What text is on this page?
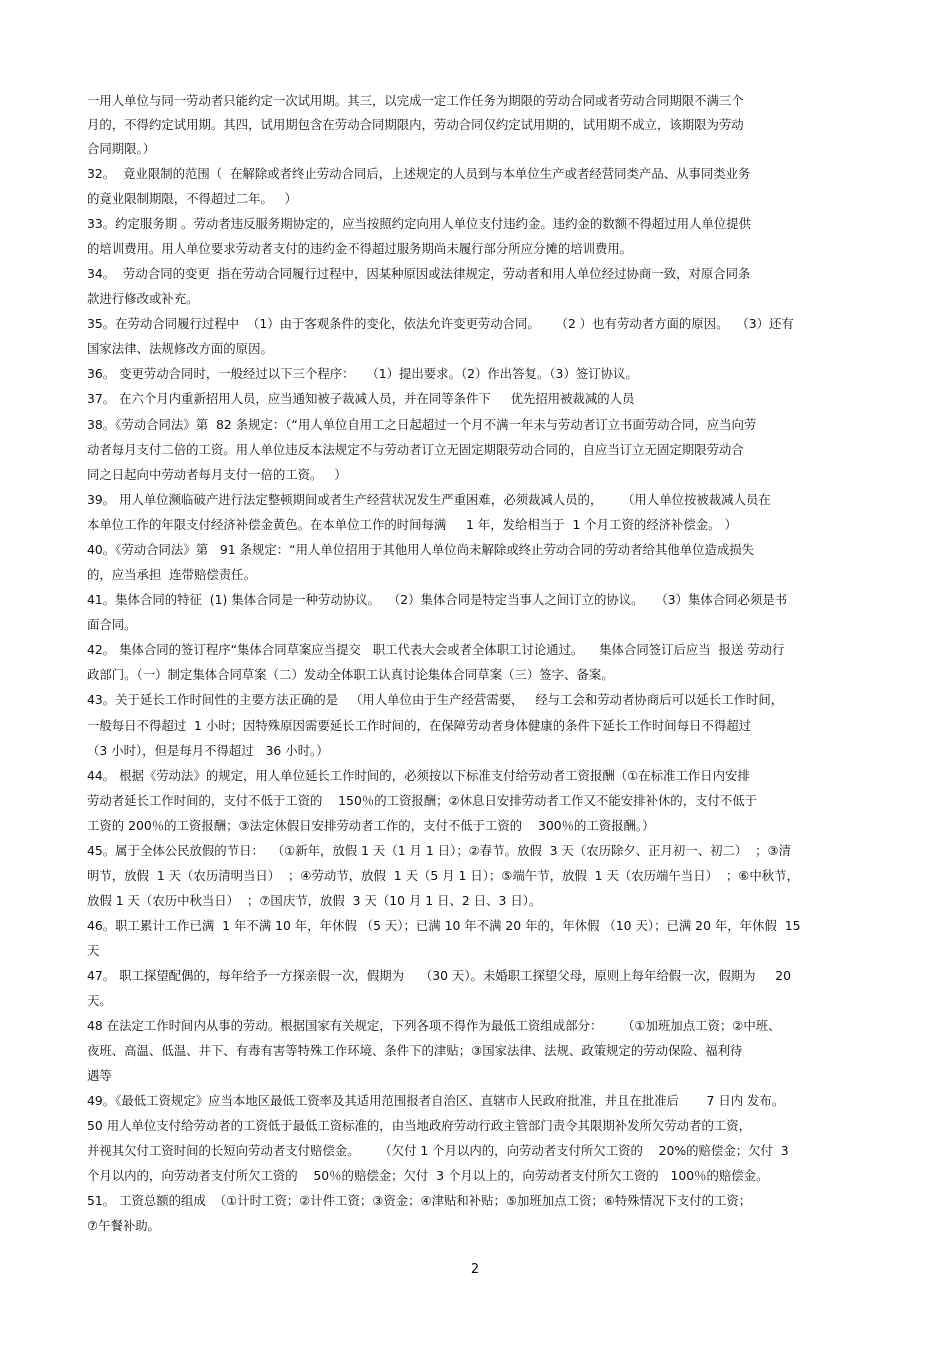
一用人单位与同一劳动者只能约定一次试用期。其三，以完成一定工作任务为期限的劳动合同或者劳动合同期限不满三个
月的，不得约定试用期。其四，试用期包含在劳动合同期限内，劳动合同仅约定试用期的，试用期不成立，该期限为劳动
合同期限。）
32。  竟业限制的范围（  在解除或者终止劳动合同后，上述规定的人员到与本单位生产或者经营同类产品、从事同类业务
的竟业限制期限，不得超过二年。   ）
33。约定服务期 。劳动者违反服务期协定的，应当按照约定向用人单位支付违约金。违约金的数额不得超过用人单位提供
的培训费用。用人单位要求劳动者支付的违约金不得超过服务期尚未履行部分所应分摊的培训费用。
34。  劳动合同的变更  指在劳动合同履行过程中，因某种原因或法律规定，劳动者和用人单位经过协商一致，对原合同条
款进行修改或补充。
35。在劳动合同履行过程中  （1）由于客观条件的变化，依法允许变更劳动合同。    （2 ）也有劳动者方面的原因。  （3）还有
国家法律、法规修改方面的原因。
36。 变更劳动合同时，一般经过以下三个程序：   （1）提出要求。（2）作出答复。（3）签订协议。
37。 在六个月内重新招用人员，应当通知被子裁减人员，并在同等条件下     优先招用被裁减的人员
38。《劳动合同法》第  82 条规定：（“用人单位自用工之日起超过一个月不满一年未与劳动者订立书面劳动合同，应当向劳
动者每月支付二倍的工资。用人单位违反本法规定不与劳动者订立无固定期限劳动合同的，自应当订立无固定期限劳动合
同之日起向中劳动者每月支付一倍的工资。   ）
39。 用人单位濒临破产进行法定整顿期间或者生产经营状况发生严重困难，必须裁减人员的，     （用人单位按被裁减人员在
本单位工作的年限支付经济补偿金黄色。在本单位工作的时间每满     1 年，发给相当于  1 个月工资的经济补偿金。 ）
40。《劳动合同法》第   91 条规定：“用人单位招用于其他用人单位尚未解除或终止劳动合同的劳动者给其他单位造成损失
的，应当承担  连带赔偿责任。
41。集体合同的特征  (1) 集体合同是一种劳动协议。  （2）集体合同是特定当事人之间订立的协议。   （3）集体合同必须是书
面合同。
42。 集体合同的签订程序“集体合同草案应当提交   职工代表大会或者全体职工讨论通过。    集体合同签订后应当  报送 劳动行
政部门。（一）制定集体合同草案（二）发动全体职工认真讨论集体合同草案（三）签字、备案。
43。关于延长工作时间性的主要方法正确的是   （用人单位由于生产经营需要，   经与工会和劳动者协商后可以延长工作时间，
一般每日不得超过  1 小时；因特殊原因需要延长工作时间的，在保障劳动者身体健康的条件下延长工作时间每日不得超过
（3 小时），但是每月不得超过   36 小时。）
44。 根据《劳动法》的规定，用人单位延长工作时间的，必须按以下标准支付给劳动者工资报酬（①在标准工作日内安排
劳动者延长工作时间的，支付不低于工资的    150％的工资报酬；②休息日安排劳动者工作又不能安排补休的，支付不低于
工资的 200％的工资报酬；③法定休假日安排劳动者工作的，支付不低于工资的    300％的工资报酬。）
45。属于全体公民放假的节日：  （①新年，放假 1 天（1 月 1 日）；②春节。放假  3 天（农历除夕、正月初一、初二）  ；③清
明节，放假  1 天（农历清明当日）  ；④劳动节，放假  1 天（5 月 1 日）；⑤端午节，放假  1 天（农历端午当日）  ；⑥中秋节，
放假 1 天（农历中秋当日）  ；⑦国庆节，放假  3 天（10 月 1 日、2 日、3 日）。
46。职工累计工作已满  1 年不满 10 年，年休假 （5 天）；已满 10 年不满 20 年的，年休假 （10 天）；已满 20 年，年休假  15
天
47。 职工探望配偶的，每年给予一方探亲假一次，假期为    （30 天）。未婚职工探望父母，原则上每年给假一次，假期为     20
天。
48 在法定工作时间内从事的劳动。根据国家有关规定，下列各项不得作为最低工资组成部分：     （①加班加点工资；②中班、
夜班、高温、低温、井下、有毒有害等特殊工作环境、条件下的津贴；③国家法律、法规、政策规定的劳动保险、福利待
遇等
49。《最低工资规定》应当本地区最低工资率及其适用范围报者自治区、直辖市人民政府批准，并且在批准后       7 日内 发布。
50 用人单位支付给劳动者的工资低于最低工资标准的，由当地政府劳动行政主管部门责令其限期补发所欠劳动者的工资，
并视其欠付工资时间的长短向劳动者支付赔偿金。     （欠付 1 个月以内的，向劳动者支付所欠工资的    20%的赔偿金；欠付  3
个月以内的，向劳动者支付所欠工资的    50％的赔偿金；欠付  3 个月以上的，向劳动者支付所欠工资的   100％的赔偿金。
51。 工资总额的组成  （①计时工资；②计件工资；③资金；④津贴和补贴；⑤加班加点工资；⑥特殊情况下支付的工资；
⑦午餐补助。
2
